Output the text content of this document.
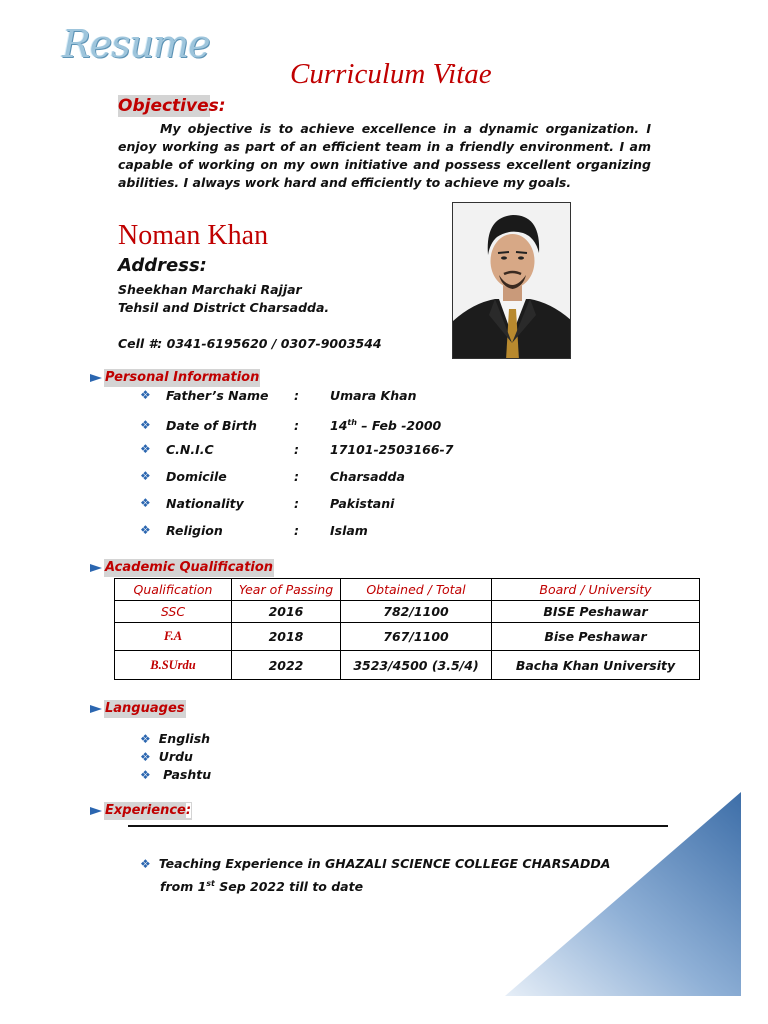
Resume
Curriculum Vitae
Objectives:
My objective is to achieve excellence in a dynamic organization. I enjoy working as part of an efficient team in a friendly environment. I am capable of working on my own initiative and possess excellent organizing abilities. I always work hard and efficiently to achieve my goals.
Noman Khan
Address:
Sheekhan Marchaki Rajjar
Tehsil and District Charsadda.
Cell #: 0341-6195620 / 0307-9003544
Personal Information
❖ Father’s Name : Umara Khan
❖ Date of Birth	: 14th – Feb -2000
❖ C.N.I.C	: 17101-2503166-7
❖ Domicile	: Charsadda
❖ Nationality	: Pakistani
❖ Religion	: Islam
Academic Qualification
Qualification	Year of Passing	Obtained / Total	Board / University
SSC	2016	782/1100	BISE Peshawar
F.A	2018	767/1100	Bise Peshawar
B.SUrdu	2022	3523/4500 (3.5/4)	Bacha Khan University
Languages
❖ English
❖ Urdu
❖ Pashtu
Experience:
❖ Teaching Experience in GHAZALI SCIENCE COLLEGE CHARSADDA
from 1st Sep 2022 till to date
